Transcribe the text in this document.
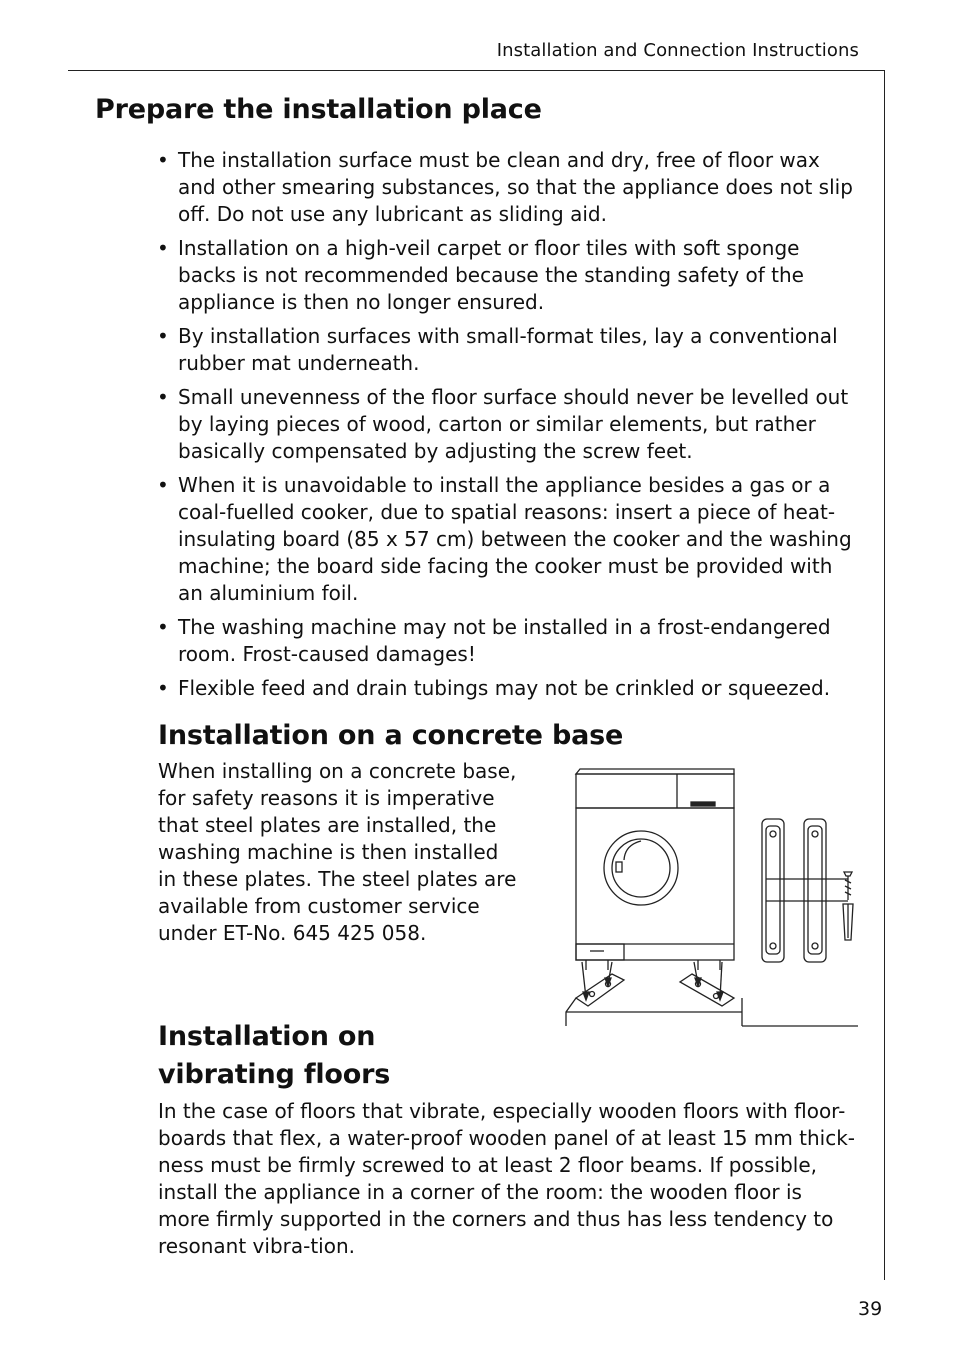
Installation and Connection Instructions
Prepare the installation place
• The installation surface must be clean and dry, free of floor wax and other smearing substances, so that the appliance does not slip off. Do not use any lubricant as sliding aid.
• Installation on a high-veil carpet or floor tiles with soft sponge backs is not recommended because the standing safety of the appliance is then no longer ensured.
• By installation surfaces with small-format tiles, lay a conventional rubber mat underneath.
• Small unevenness of the floor surface should never be levelled out by laying pieces of wood, carton or similar elements, but rather basically compensated by adjusting the screw feet.
• When it is unavoidable to install the appliance besides a gas or a coal-fuelled cooker, due to spatial reasons: insert a piece of heat-insulating board (85 x 57 cm) between the cooker and the washing machine; the board side facing the cooker must be provided with an aluminium foil.
• The washing machine may not be installed in a frost-endangered room. Frost-caused damages!
• Flexible feed and drain tubings may not be crinkled or squeezed.
Installation on a concrete base

When installing on a concrete base, for safety reasons it is imperative that steel plates are installed, the washing machine is then installed in these plates. The steel plates are available from customer service under ET-No. 645 425 058.

Installation on vibrating floors

In the case of floors that vibrate, especially wooden floors with floor-boards that flex, a water-proof wooden panel of at least 15 mm thick-ness must be firmly screwed to at least 2 floor beams. If possible, install the appliance in a corner of the room: the wooden floor is more firmly supported in the corners and thus has less tendency to resonant vibra-tion.

39
